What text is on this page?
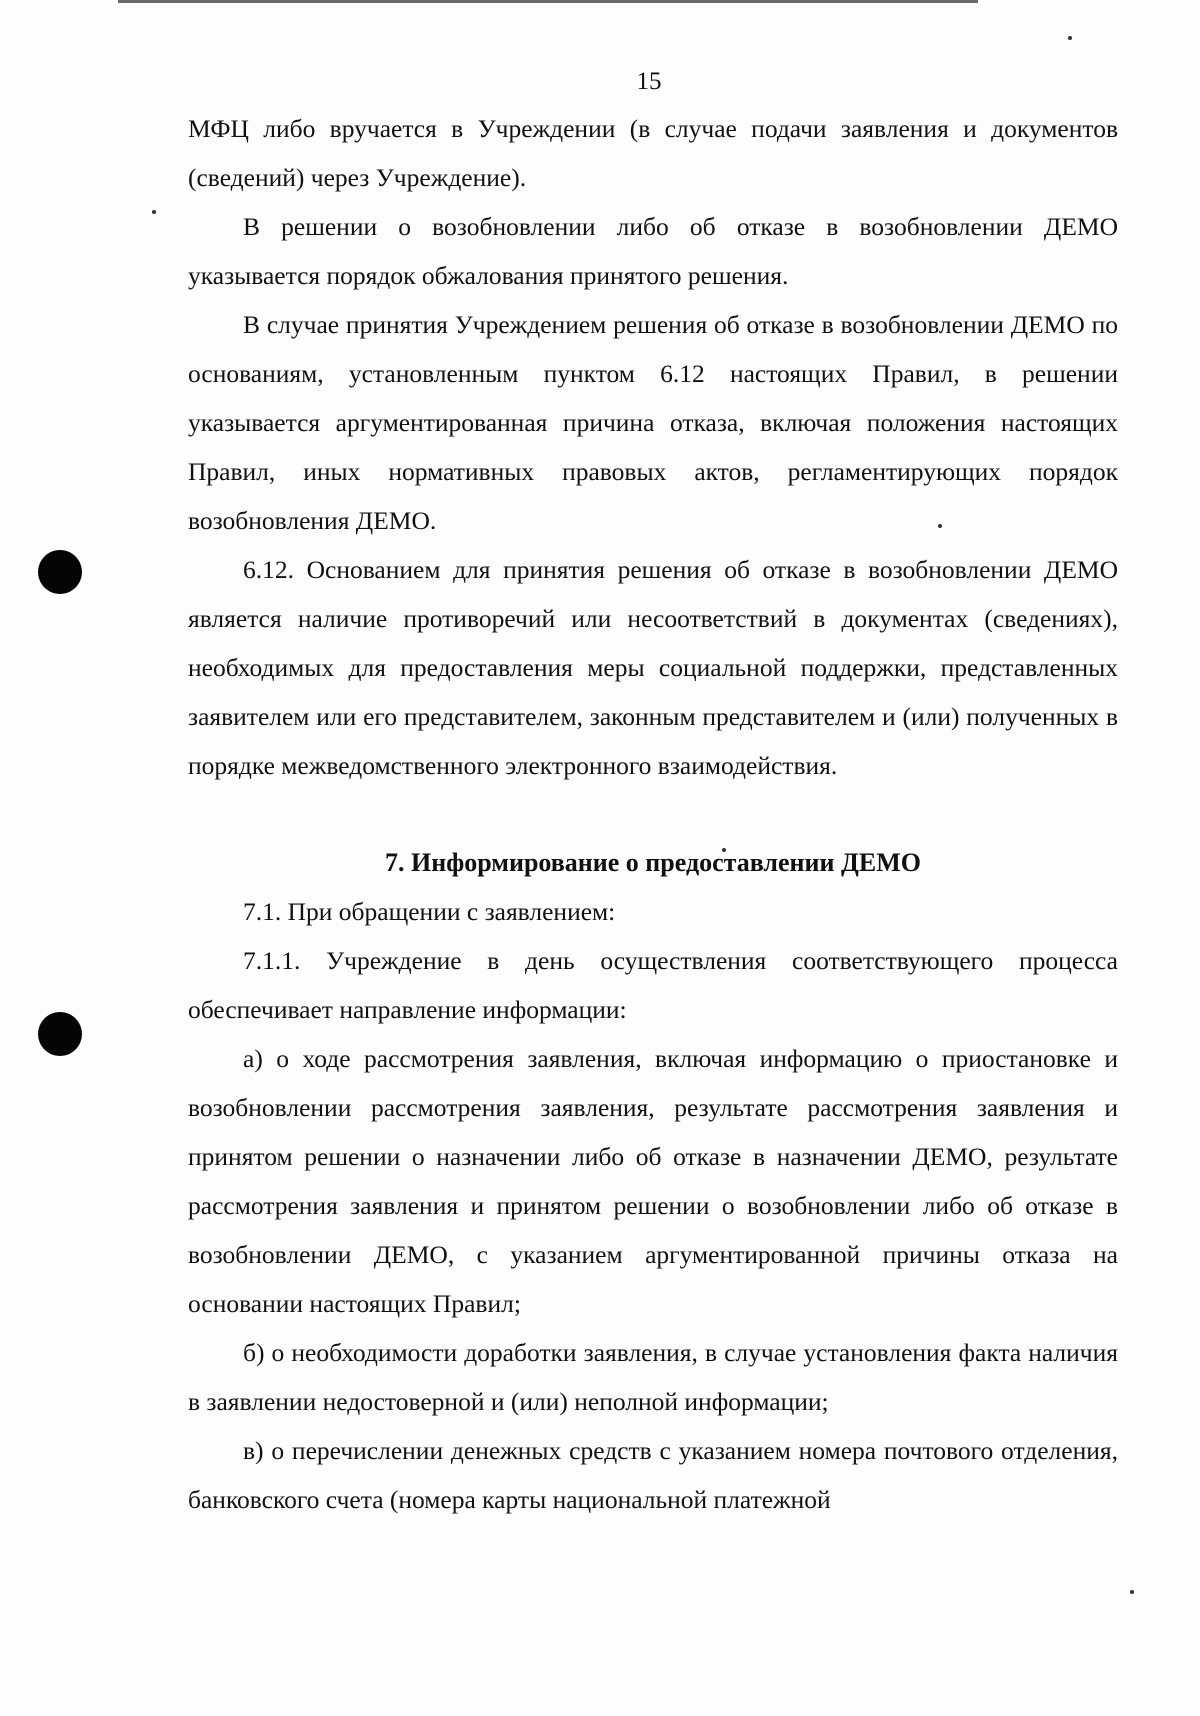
15

МФЦ либо вручается в Учреждении (в случае подачи заявления и документов (сведений) через Учреждение).

В решении о возобновлении либо об отказе в возобновлении ДЕМО указывается порядок обжалования принятого решения.

В случае принятия Учреждением решения об отказе в возобновлении ДЕМО по основаниям, установленным пунктом 6.12 настоящих Правил, в решении указывается аргументированная причина отказа, включая положения настоящих Правил, иных нормативных правовых актов, регламентирующих порядок возобновления ДЕМО.

6.12. Основанием для принятия решения об отказе в возобновлении ДЕМО является наличие противоречий или несоответствий в документах (сведениях), необходимых для предоставления меры социальной поддержки, представленных заявителем или его представителем, законным представителем и (или) полученных в порядке межведомственного электронного взаимодействия.

7. Информирование о предоставлении ДЕМО

7.1. При обращении с заявлением:

7.1.1. Учреждение в день осуществления соответствующего процесса обеспечивает направление информации:

а) о ходе рассмотрения заявления, включая информацию о приостановке и возобновлении рассмотрения заявления, результате рассмотрения заявления и принятом решении о назначении либо об отказе в назначении ДЕМО, результате рассмотрения заявления и принятом решении о возобновлении либо об отказе в возобновлении ДЕМО, с указанием аргументированной причины отказа на основании настоящих Правил;

б) о необходимости доработки заявления, в случае установления факта наличия в заявлении недостоверной и (или) неполной информации;

в) о перечислении денежных средств с указанием номера почтового отделения, банковского счета (номера карты национальной платежной
